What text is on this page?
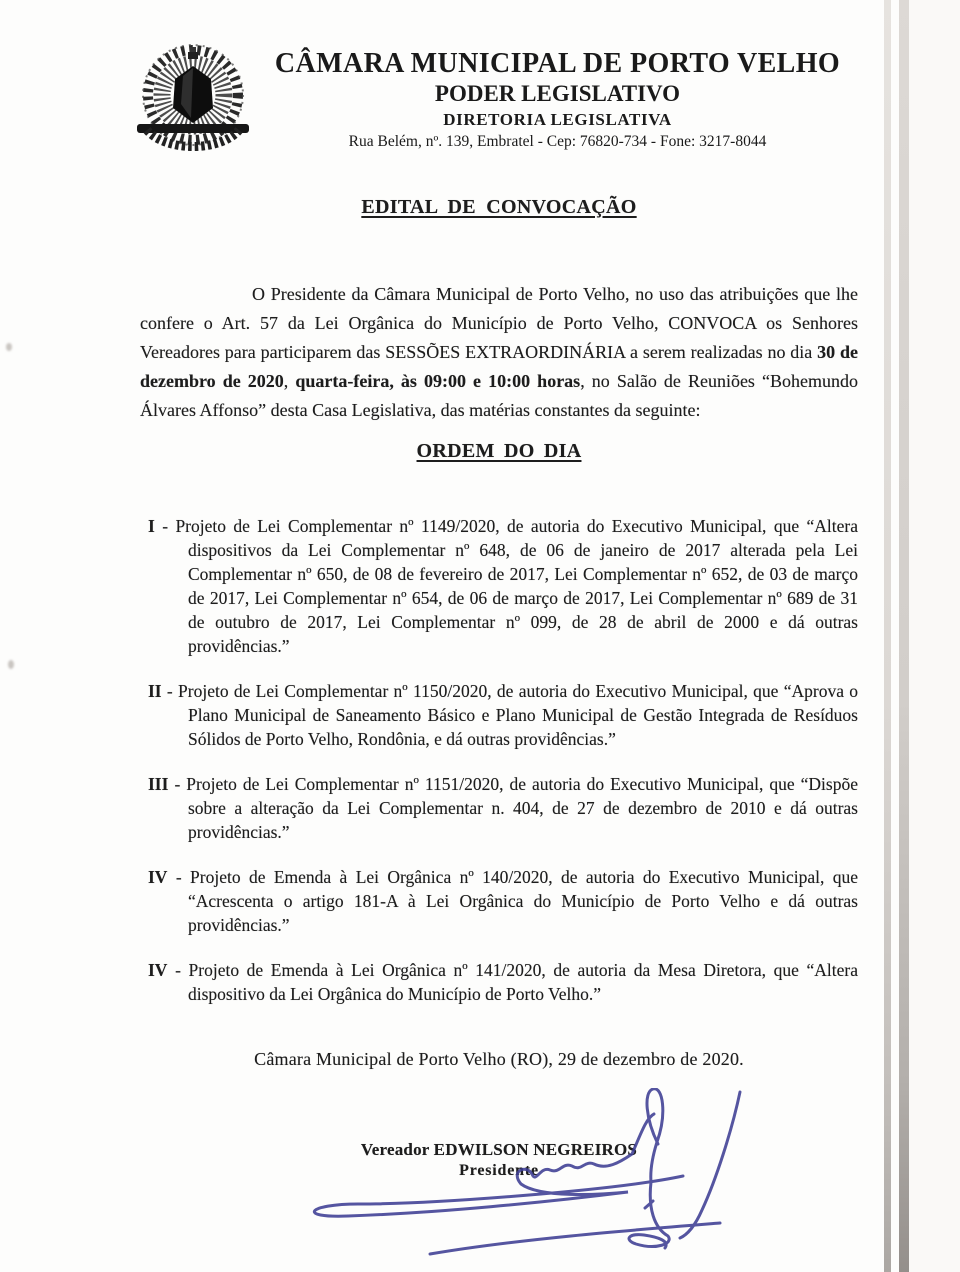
CÂMARA MUNICIPAL DE PORTO VELHO
PODER LEGISLATIVO
DIRETORIA LEGISLATIVA
Rua Belém, nº. 139, Embratel - Cep: 76820-734 - Fone: 3217-8044
EDITAL DE CONVOCAÇÃO

O Presidente da Câmara Municipal de Porto Velho, no uso das atribuições que lhe confere o Art. 57 da Lei Orgânica do Município de Porto Velho, CONVOCA os Senhores Vereadores para participarem das SESSÕES EXTRAORDINÁRIA a serem realizadas no dia 30 de dezembro de 2020, quarta-feira, às 09:00 e 10:00 horas, no Salão de Reuniões “Bohemundo Álvares Affonso” desta Casa Legislativa, das matérias constantes da seguinte:

ORDEM DO DIA

I - Projeto de Lei Complementar nº 1149/2020, de autoria do Executivo Municipal, que “Altera dispositivos da Lei Complementar nº 648, de 06 de janeiro de 2017 alterada pela Lei Complementar nº 650, de 08 de fevereiro de 2017, Lei Complementar nº 652, de 03 de março de 2017, Lei Complementar nº 654, de 06 de março de 2017, Lei Complementar nº 689 de 31 de outubro de 2017, Lei Complementar nº 099, de 28 de abril de 2000 e dá outras providências.”

II - Projeto de Lei Complementar nº 1150/2020, de autoria do Executivo Municipal, que “Aprova o Plano Municipal de Saneamento Básico e Plano Municipal de Gestão Integrada de Resíduos Sólidos de Porto Velho, Rondônia, e dá outras providências.”

III - Projeto de Lei Complementar nº 1151/2020, de autoria do Executivo Municipal, que “Dispõe sobre a alteração da Lei Complementar n. 404, de 27 de dezembro de 2010 e dá outras providências.”

IV - Projeto de Emenda à Lei Orgânica nº 140/2020, de autoria do Executivo Municipal, que “Acrescenta o artigo 181-A à Lei Orgânica do Município de Porto Velho e dá outras providências.”

IV - Projeto de Emenda à Lei Orgânica nº 141/2020, de autoria da Mesa Diretora, que “Altera dispositivo da Lei Orgânica do Município de Porto Velho.”

Câmara Municipal de Porto Velho (RO), 29 de dezembro de 2020.
Vereador EDWILSON NEGREIROS
Presidente
